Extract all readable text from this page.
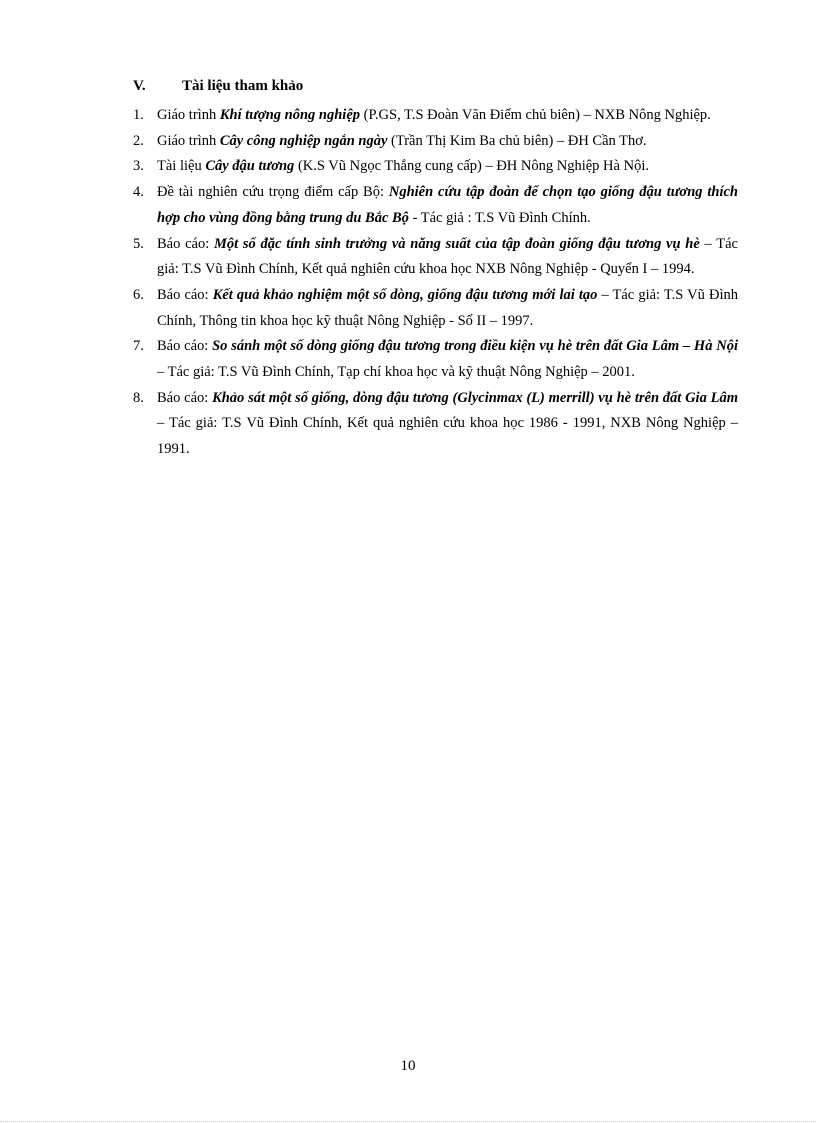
V. Tài liệu tham khảo
1. Giáo trình Khí tượng nông nghiệp (P.GS, T.S Đoàn Văn Điếm chủ biên) – NXB Nông Nghiệp.
2. Giáo trình Cây công nghiệp ngắn ngày (Trần Thị Kim Ba chủ biên) – ĐH Cần Thơ.
3. Tài liệu Cây đậu tương (K.S Vũ Ngọc Thắng cung cấp) – ĐH Nông Nghiệp Hà Nội.
4. Đề tài nghiên cứu trọng điểm cấp Bộ: Nghiên cứu tập đoàn để chọn tạo giống đậu tương thích hợp cho vùng đồng bằng trung du Bắc Bộ - Tác giả : T.S Vũ Đình Chính.
5. Báo cáo: Một số đặc tính sinh trưởng và năng suất của tập đoàn giống đậu tương vụ hè – Tác giả: T.S Vũ Đình Chính, Kết quả nghiên cứu khoa học NXB Nông Nghiệp - Quyển I – 1994.
6. Báo cáo: Kết quả khảo nghiệm một số dòng, giống đậu tương mới lai tạo – Tác giả: T.S Vũ Đình Chính, Thông tin khoa học kỹ thuật Nông Nghiệp - Số II – 1997.
7. Báo cáo: So sánh một số dòng giống đậu tương trong điều kiện vụ hè trên đất Gia Lâm – Hà Nội – Tác giả: T.S Vũ Đình Chính, Tạp chí khoa học và kỹ thuật Nông Nghiệp – 2001.
8. Báo cáo: Khảo sát một số giống, dòng đậu tương (Glycinmax (L) merrill) vụ hè trên đất Gia Lâm – Tác giả: T.S Vũ Đình Chính, Kết quả nghiên cứu khoa học 1986 - 1991, NXB Nông Nghiệp – 1991.
10
